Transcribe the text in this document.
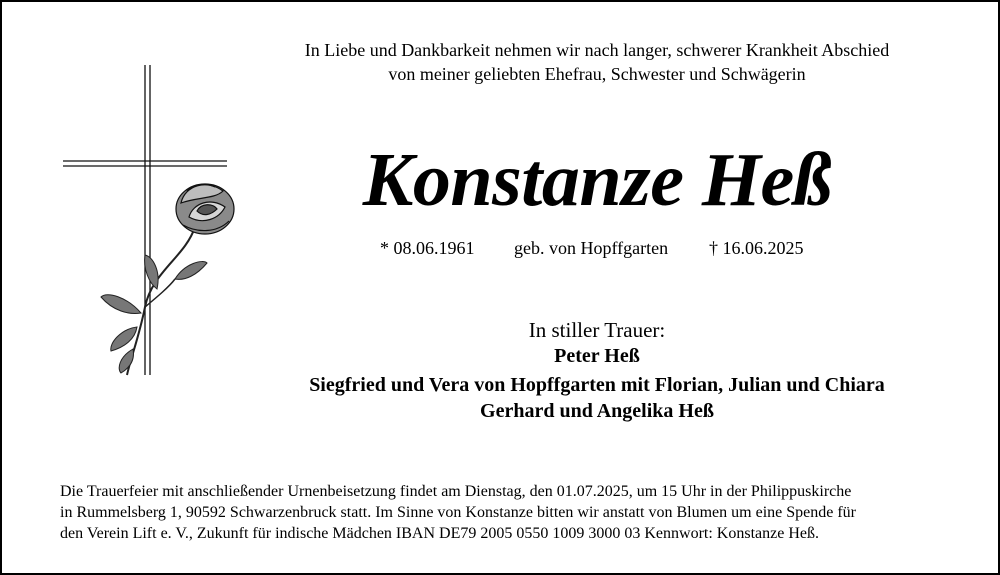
In Liebe und Dankbarkeit nehmen wir nach langer, schwerer Krankheit Abschied
von meiner geliebten Ehefrau, Schwester und Schwägerin
Konstanze Heß
* 08.06.1961 geb. von Hopffgarten † 16.06.2025
In stiller Trauer:
Peter Heß
Siegfried und Vera von Hopffgarten mit Florian, Julian und Chiara
Gerhard und Angelika Heß
Die Trauerfeier mit anschließender Urnenbeisetzung findet am Dienstag, den 01.07.2025, um 15 Uhr in der Philippuskirche
in Rummelsberg 1, 90592 Schwarzenbruck statt. Im Sinne von Konstanze bitten wir anstatt von Blumen um eine Spende für
den Verein Lift e. V., Zukunft für indische Mädchen IBAN DE79 2005 0550 1009 3000 03 Kennwort: Konstanze Heß.
